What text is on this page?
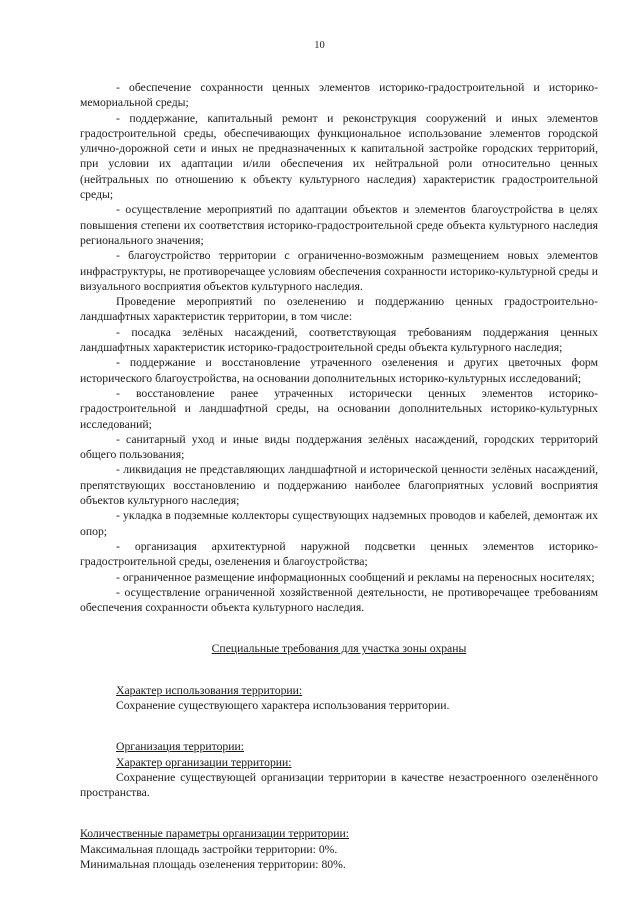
10

- обеспечение сохранности ценных элементов историко-градостроительной и историко-мемориальной среды;

- поддержание, капитальный ремонт и реконструкция сооружений и иных элементов градостроительной среды, обеспечивающих функциональное использование элементов городской улично-дорожной сети и иных не предназначенных к капитальной застройке городских территорий, при условии их адаптации и/или обеспечения их нейтральной роли относительно ценных (нейтральных по отношению к объекту культурного наследия) характеристик градостроительной среды;

- осуществление мероприятий по адаптации объектов и элементов благоустройства в целях повышения степени их соответствия историко-градостроительной среде объекта культурного наследия регионального значения;

- благоустройство территории с ограниченно-возможным размещением новых элементов инфраструктуры, не противоречащее условиям обеспечения сохранности историко-культурной среды и визуального восприятия объектов культурного наследия.

Проведение мероприятий по озеленению и поддержанию ценных градостроительно-ландшафтных характеристик территории, в том числе:

- посадка зелёных насаждений, соответствующая требованиям поддержания ценных ландшафтных характеристик историко-градостроительной среды объекта культурного наследия;

- поддержание и восстановление утраченного озеленения и других цветочных форм исторического благоустройства, на основании дополнительных историко-культурных исследований;

- восстановление ранее утраченных исторически ценных элементов историко-градостроительной и ландшафтной среды, на основании дополнительных историко-культурных исследований;

- санитарный уход и иные виды поддержания зелёных насаждений, городских территорий общего пользования;

- ликвидация не представляющих ландшафтной и исторической ценности зелёных насаждений, препятствующих восстановлению и поддержанию наиболее благоприятных условий восприятия объектов культурного наследия;

- укладка в подземные коллекторы существующих надземных проводов и кабелей, демонтаж их опор;

- организация архитектурной наружной подсветки ценных элементов историко-градостроительной среды, озеленения и благоустройства;

- ограниченное размещение информационных сообщений и рекламы на переносных носителях;

- осуществление ограниченной хозяйственной деятельности, не противоречащее требованиям обеспечения сохранности объекта культурного наследия.

Специальные требования для участка зоны охраны

Характер использования территории:

Сохранение существующего характера использования территории.

Организация территории:

Характер организации территории:

Сохранение существующей организации территории в качестве незастроенного озеленённого пространства.

Количественные параметры организации территории:

Максимальная площадь застройки территории: 0%.

Минимальная площадь озеленения территории: 80%.
